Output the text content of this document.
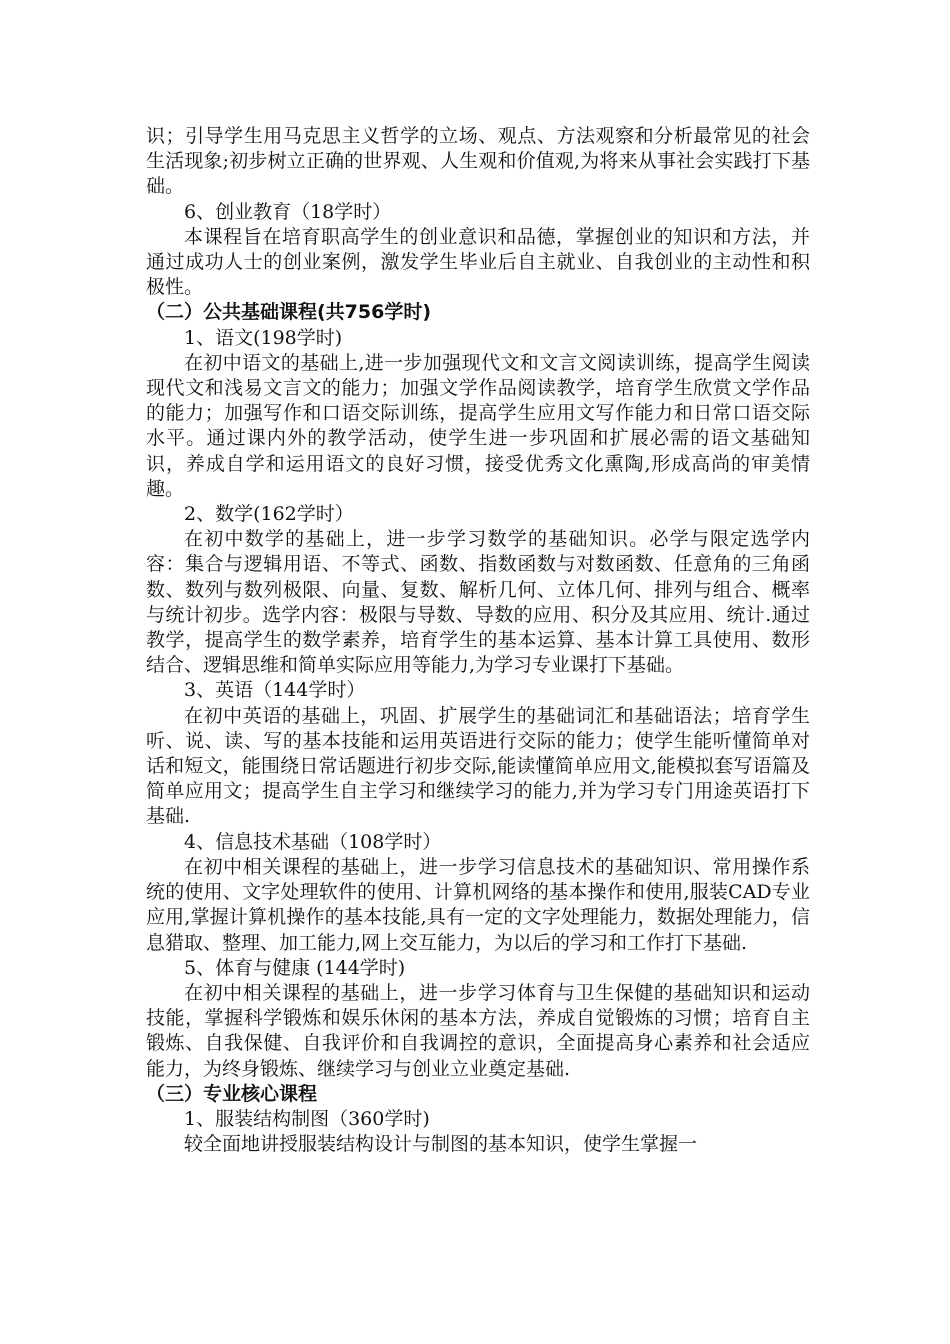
识；引导学生用马克思主义哲学的立场、观点、方法观察和分析最常见的社会生活现象;初步树立正确的世界观、人生观和价值观,为将来从事社会实践打下基础。

6、创业教育（18学时）

本课程旨在培育职高学生的创业意识和品德，掌握创业的知识和方法，并通过成功人士的创业案例，激发学生毕业后自主就业、自我创业的主动性和积极性。

（二）公共基础课程(共756学时)

1、语文(198学时)

在初中语文的基础上,进一步加强现代文和文言文阅读训练，提高学生阅读现代文和浅易文言文的能力；加强文学作品阅读教学，培育学生欣赏文学作品的能力；加强写作和口语交际训练，提高学生应用文写作能力和日常口语交际水平。通过课内外的教学活动，使学生进一步巩固和扩展必需的语文基础知识，养成自学和运用语文的良好习惯，接受优秀文化熏陶,形成高尚的审美情趣。

2、数学(162学时）

在初中数学的基础上，进一步学习数学的基础知识。必学与限定选学内容：集合与逻辑用语、不等式、函数、指数函数与对数函数、任意角的三角函数、数列与数列极限、向量、复数、解析几何、立体几何、排列与组合、概率与统计初步。选学内容：极限与导数、导数的应用、积分及其应用、统计.通过教学，提高学生的数学素养，培育学生的基本运算、基本计算工具使用、数形结合、逻辑思维和简单实际应用等能力,为学习专业课打下基础。

3、英语（144学时）

在初中英语的基础上，巩固、扩展学生的基础词汇和基础语法；培育学生听、说、读、写的基本技能和运用英语进行交际的能力；使学生能听懂简单对话和短文，能围绕日常话题进行初步交际,能读懂简单应用文,能模拟套写语篇及简单应用文；提高学生自主学习和继续学习的能力,并为学习专门用途英语打下基础.

4、信息技术基础（108学时）

在初中相关课程的基础上，进一步学习信息技术的基础知识、常用操作系统的使用、文字处理软件的使用、计算机网络的基本操作和使用,服装CAD专业应用,掌握计算机操作的基本技能,具有一定的文字处理能力，数据处理能力，信息猎取、整理、加工能力,网上交互能力，为以后的学习和工作打下基础.

5、体育与健康 (144学时)

在初中相关课程的基础上，进一步学习体育与卫生保健的基础知识和运动技能，掌握科学锻炼和娱乐休闲的基本方法，养成自觉锻炼的习惯；培育自主锻炼、自我保健、自我评价和自我调控的意识，全面提高身心素养和社会适应能力，为终身锻炼、继续学习与创业立业奠定基础.

（三）专业核心课程

1、服装结构制图（360学时)

较全面地讲授服装结构设计与制图的基本知识，使学生掌握一
